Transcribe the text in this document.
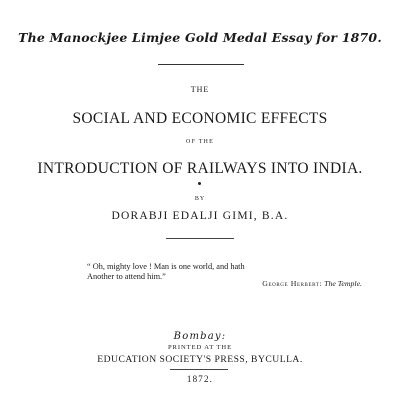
The Manockjee Limjee Gold Medal Essay for 1870.
THE
SOCIAL AND ECONOMIC EFFECTS
OF THE
INTRODUCTION OF RAILWAYS INTO INDIA.
BY
DORABJI EDALJI GIMI, B.A.
“ Oh, mighty love ! Man is one world, and hath
Another to attend him.”
George Herbert: The Temple.
Bombay:
PRINTED AT THE
EDUCATION SOCIETY'S PRESS, BYCULLA.
1872.
